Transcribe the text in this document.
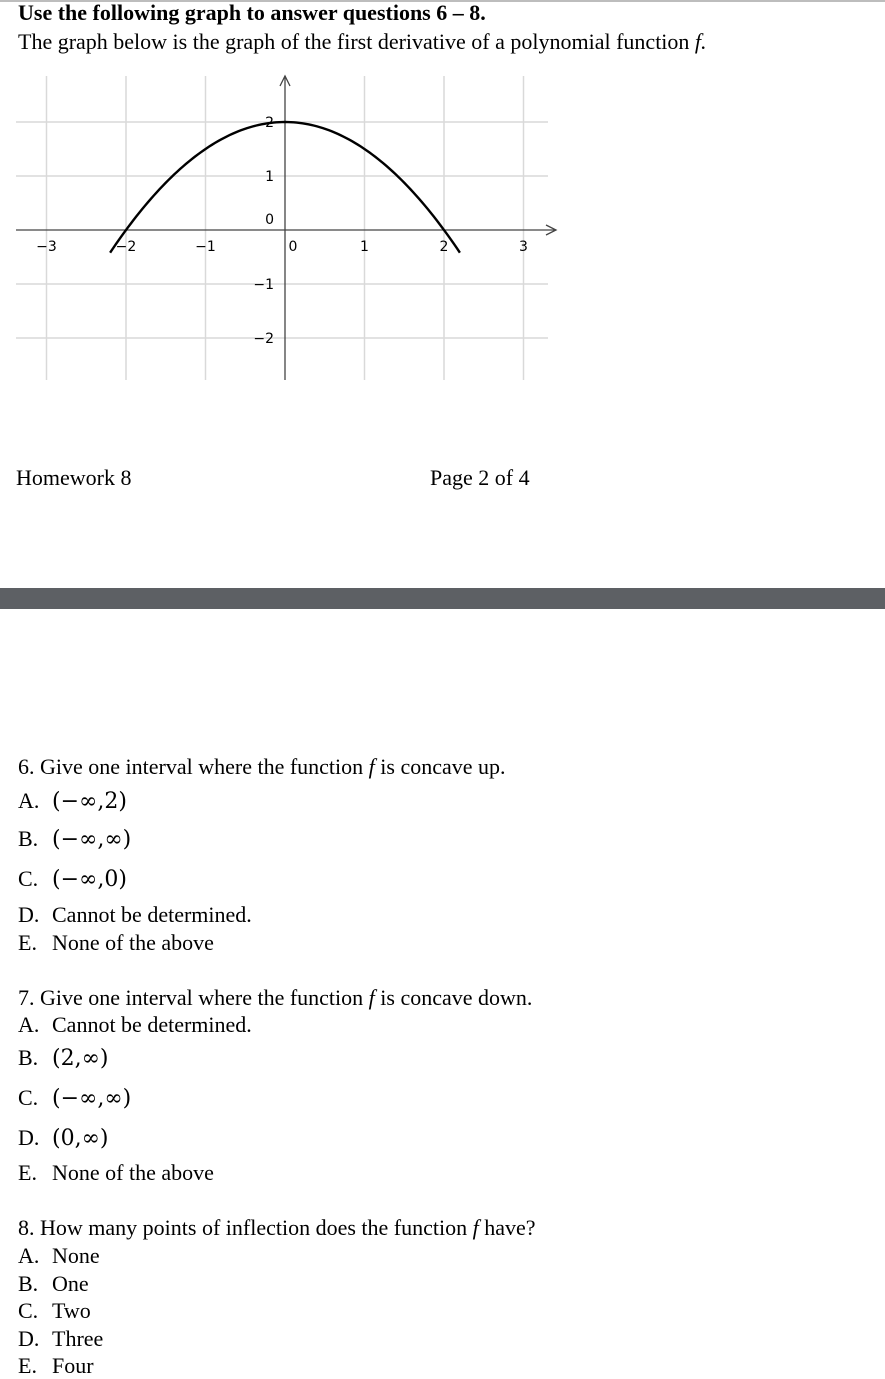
Use the following graph to answer questions 6 – 8.
The graph below is the graph of the first derivative of a polynomial function f.
−3	−2	−1	0	1	2	3
2
1
0
−1
−2
Homework 8	Page 2 of 4
6. Give one interval where the function f is concave up.
A. (−∞,2)
B. (−∞,∞)
C. (−∞,0)
D. Cannot be determined.
E. None of the above
7. Give one interval where the function f is concave down.
A. Cannot be determined.
B. (2,∞)
C. (−∞,∞)
D. (0,∞)
E. None of the above
8. How many points of inflection does the function f have?
A. None
B. One
C. Two
D. Three
E. Four
